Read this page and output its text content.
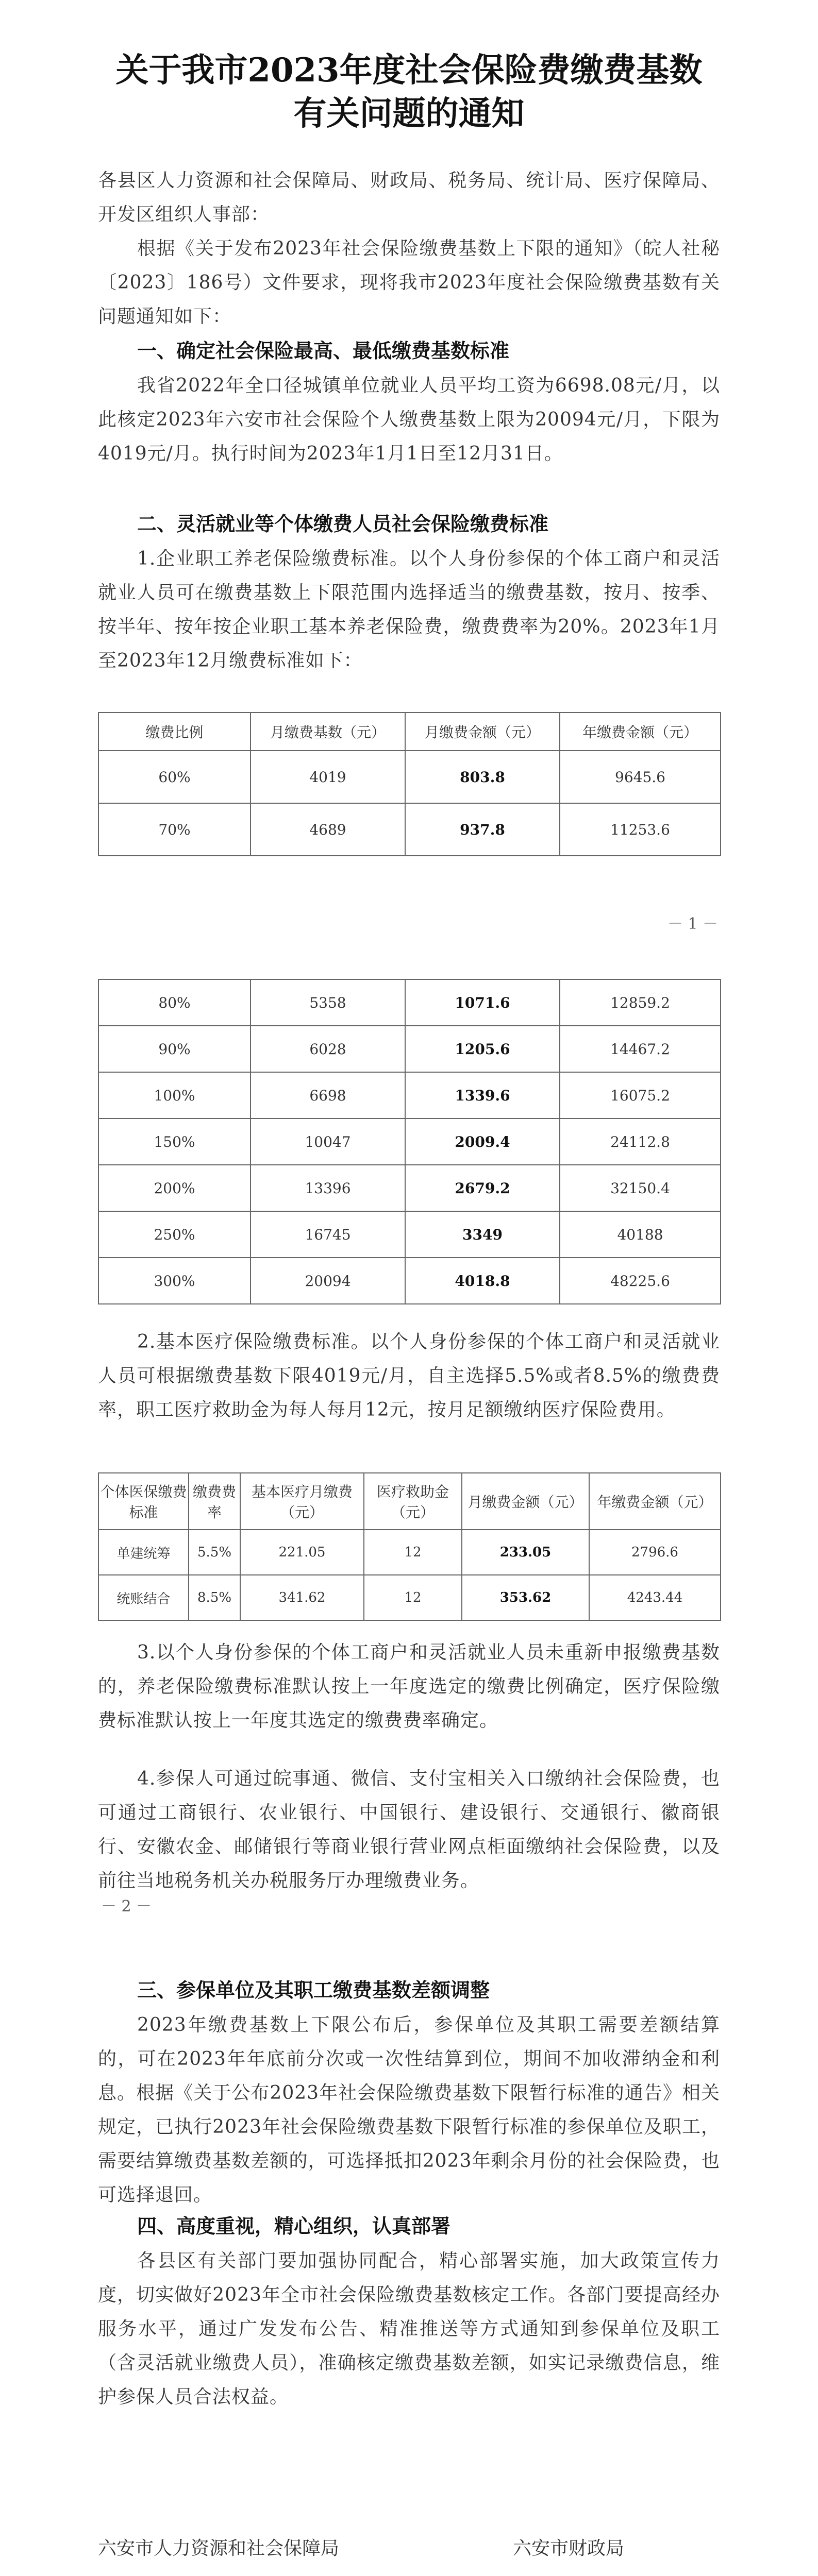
关于我市2023年度社会保险费缴费基数
有关问题的通知
各县区人力资源和社会保障局、财政局、税务局、统计局、医疗保障局、开发区组织人事部：
根据《关于发布2023年社会保险缴费基数上下限的通知》（皖人社秘〔2023〕186号）文件要求，现将我市2023年度社会保险缴费基数有关问题通知如下：
一、确定社会保险最高、最低缴费基数标准
我省2022年全口径城镇单位就业人员平均工资为6698.08元/月，以此核定2023年六安市社会保险个人缴费基数上限为20094元/月，下限为4019元/月。执行时间为2023年1月1日至12月31日。
二、灵活就业等个体缴费人员社会保险缴费标准
1.企业职工养老保险缴费标准。以个人身份参保的个体工商户和灵活就业人员可在缴费基数上下限范围内选择适当的缴费基数，按月、按季、按半年、按年按企业职工基本养老保险费，缴费费率为20%。2023年1月至2023年12月缴费标准如下：
缴费比例	月缴费基数（元）	月缴费金额（元）	年缴费金额（元）
60%	4019	803.8	9645.6
70%	4689	937.8	11253.6
－ 1 －
80%	5358	1071.6	12859.2
90%	6028	1205.6	14467.2
100%	6698	1339.6	16075.2
150%	10047	2009.4	24112.8
200%	13396	2679.2	32150.4
250%	16745	3349	40188
300%	20094	4018.8	48225.6
2.基本医疗保险缴费标准。以个人身份参保的个体工商户和灵活就业人员可根据缴费基数下限4019元/月，自主选择5.5%或者8.5%的缴费费率，职工医疗救助金为每人每月12元，按月足额缴纳医疗保险费用。
个体医保缴费标准	缴费费率	基本医疗月缴费（元）	医疗救助金（元）	月缴费金额（元）	年缴费金额（元）
单建统筹	5.5%	221.05	12	233.05	2796.6
统账结合	8.5%	341.62	12	353.62	4243.44
3.以个人身份参保的个体工商户和灵活就业人员未重新申报缴费基数的，养老保险缴费标准默认按上一年度选定的缴费比例确定，医疗保险缴费标准默认按上一年度其选定的缴费费率确定。
4.参保人可通过皖事通、微信、支付宝相关入口缴纳社会保险费，也可通过工商银行、农业银行、中国银行、建设银行、交通银行、徽商银行、安徽农金、邮储银行等商业银行营业网点柜面缴纳社会保险费，以及前往当地税务机关办税服务厅办理缴费业务。
－ 2 －
三、参保单位及其职工缴费基数差额调整
2023年缴费基数上下限公布后，参保单位及其职工需要差额结算的，可在2023年年底前分次或一次性结算到位，期间不加收滞纳金和利息。根据《关于公布2023年社会保险缴费基数下限暂行标准的通告》相关规定，已执行2023年社会保险缴费基数下限暂行标准的参保单位及职工，需要结算缴费基数差额的，可选择抵扣2023年剩余月份的社会保险费，也可选择退回。
四、高度重视，精心组织，认真部署
各县区有关部门要加强协同配合，精心部署实施，加大政策宣传力度，切实做好2023年全市社会保险缴费基数核定工作。各部门要提高经办服务水平，通过广发发布公告、精准推送等方式通知到参保单位及职工（含灵活就业缴费人员），准确核定缴费基数差额，如实记录缴费信息，维护参保人员合法权益。
六安市人力资源和社会保障局	六安市财政局
